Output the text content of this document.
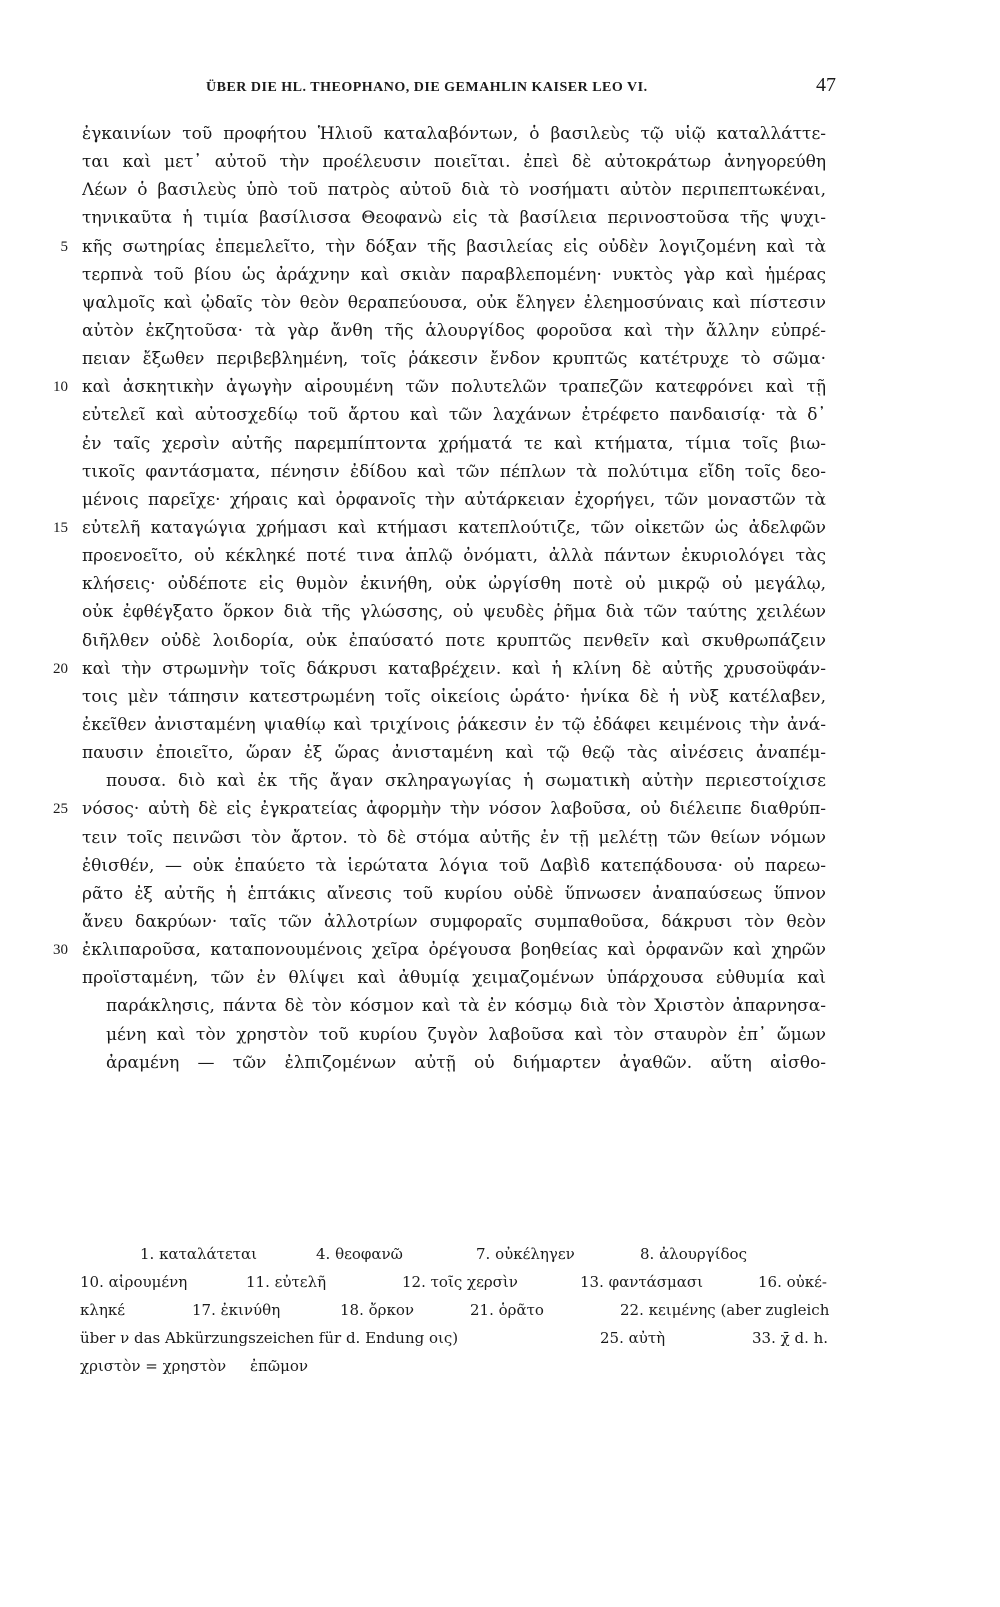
ÜBER DIE HL. THEOPHANO, DIE GEMAHLIN KAISER LEO VI.	47
ἐγκαινίων τοῦ προφήτου Ἡλιοῦ καταλαβόντων, ὁ βασιλεὺς τῷ υἱῷ καταλλάττε-
ται καὶ μετ᾿ αὐτοῦ τὴν προέλευσιν ποιεῖται. ἐπεὶ δὲ αὐτοκράτωρ ἀνηγορεύθη
Λέων ὁ βασιλεὺς ὑπὸ τοῦ πατρὸς αὐτοῦ διὰ τὸ νοσήματι αὐτὸν περιπεπτωκέναι,
τηνικαῦτα ἡ τιμία βασίλισσα Θεοφανὼ εἰς τὰ βασίλεια περινοστοῦσα τῆς ψυχι-
5 κῆς σωτηρίας ἐπεμελεῖτο, τὴν δόξαν τῆς βασιλείας εἰς οὐδὲν λογιζομένη καὶ τὰ
τερπνὰ τοῦ βίου ὡς ἀράχνην καὶ σκιὰν παραβλεπομένη· νυκτὸς γὰρ καὶ ἡμέρας
ψαλμοῖς καὶ ᾠδαῖς τὸν θεὸν θεραπεύουσα, οὐκ ἔληγεν ἐλεημοσύναις καὶ πίστεσιν
αὐτὸν ἐκζητοῦσα· τὰ γὰρ ἄνθη τῆς ἁλουργίδος φοροῦσα καὶ τὴν ἄλλην εὐπρέ-
πειαν ἔξωθεν περιβεβλημένη, τοῖς ῥάκεσιν ἔνδον κρυπτῶς κατέτρυχε τὸ σῶμα·
10 καὶ ἀσκητικὴν ἀγωγὴν αἱρουμένη τῶν πολυτελῶν τραπεζῶν κατεφρόνει καὶ τῇ
εὐτελεῖ καὶ αὐτοσχεδίῳ τοῦ ἄρτου καὶ τῶν λαχάνων ἐτρέφετο πανδαισίᾳ· τὰ δ᾿
ἐν ταῖς χερσὶν αὐτῆς παρεμπίπτοντα χρήματά τε καὶ κτήματα, τίμια τοῖς βιω-
τικοῖς φαντάσματα, πένησιν ἐδίδου καὶ τῶν πέπλων τὰ πολύτιμα εἴδη τοῖς δεο-
μένοις παρεῖχε· χήραις καὶ ὀρφανοῖς τὴν αὐτάρκειαν ἐχορήγει, τῶν μοναστῶν τὰ
15 εὐτελῆ καταγώγια χρήμασι καὶ κτήμασι κατεπλούτιζε, τῶν οἰκετῶν ὡς ἀδελφῶν
προενοεῖτο, οὐ κέκληκέ ποτέ τινα ἁπλῷ ὀνόματι, ἀλλὰ πάντων ἐκυριολόγει τὰς
κλήσεις· οὐδέποτε εἰς θυμὸν ἐκινήθη, οὐκ ὠργίσθη ποτὲ οὐ μικρῷ οὐ μεγάλῳ,
οὐκ ἐφθέγξατο ὅρκον διὰ τῆς γλώσσης, οὐ ψευδὲς ῥῆμα διὰ τῶν ταύτης χειλέων
διῆλθεν οὐδὲ λοιδορία, οὐκ ἐπαύσατό ποτε κρυπτῶς πενθεῖν καὶ σκυθρωπάζειν
20 καὶ τὴν στρωμνὴν τοῖς δάκρυσι καταβρέχειν. καὶ ἡ κλίνη δὲ αὐτῆς χρυσοϋφάν-
τοις μὲν τάπησιν κατεστρωμένη τοῖς οἰκείοις ὡράτο· ἡνίκα δὲ ἡ νὺξ κατέλαβεν,
ἐκεῖθεν ἀνισταμένη ψιαθίῳ καὶ τριχίνοις ῥάκεσιν ἐν τῷ ἐδάφει κειμένοις τὴν ἀνά-
παυσιν ἐποιεῖτο, ὥραν ἐξ ὥρας ἀνισταμένη καὶ τῷ θεῷ τὰς αἰνέσεις ἀναπέμ-
πουσα. διὸ καὶ ἐκ τῆς ἄγαν σκληραγωγίας ἡ σωματικὴ αὐτὴν περιεστοίχισε
25 νόσος· αὐτὴ δὲ εἰς ἐγκρατείας ἀφορμὴν τὴν νόσον λαβοῦσα, οὐ διέλειπε διαθρύπ-
τειν τοῖς πεινῶσι τὸν ἄρτον. τὸ δὲ στόμα αὐτῆς ἐν τῇ μελέτῃ τῶν θείων νόμων
ἐθισθέν, — οὐκ ἐπαύετο τὰ ἱερώτατα λόγια τοῦ Δαβὶδ κατεπᾴδουσα· οὐ παρεω-
ρᾶτο ἐξ αὐτῆς ἡ ἑπτάκις αἴνεσις τοῦ κυρίου οὐδὲ ὕπνωσεν ἀναπαύσεως ὕπνον
ἄνευ δακρύων· ταῖς τῶν ἀλλοτρίων συμφοραῖς συμπαθοῦσα, δάκρυσι τὸν θεὸν
30 ἐκλιπαροῦσα, καταπονουμένοις χεῖρα ὀρέγουσα βοηθείας καὶ ὀρφανῶν καὶ χηρῶν
προϊσταμένη, τῶν ἐν θλίψει καὶ ἀθυμίᾳ χειμαζομένων ὑπάρχουσα εὐθυμία καὶ
παράκλησις, πάντα δὲ τὸν κόσμον καὶ τὰ ἐν κόσμῳ διὰ τὸν Χριστὸν ἀπαρνησα-
μένη καὶ τὸν χρηστὸν τοῦ κυρίου ζυγὸν λαβοῦσα καὶ τὸν σταυρὸν ἐπ᾿ ὤμων
ἀραμένη — τῶν ἐλπιζομένων αὐτῇ οὐ διήμαρτεν ἀγαθῶν. αὕτη αἰσθο-
1. καταλάτεται	4. θεοφανῶ	7. οὐκέληγεν	8. ἀλουργίδος
10. αἱρουμένη	11. εὐτελῆ	12. τοῖς χερσὶν	13. φαντάσμασι	16. οὐκέ-
κληκέ	17. ἐκινύθη	18. ὄρκον	21. ὁρᾶτο	22. κειμένης (aber zugleich
über ν das Abkürzungszeichen für d. Endung οις)	25. αὐτὴ	33. χ̄ d. h.
χριστὸν = χρηστὸν ἐπῶμον
